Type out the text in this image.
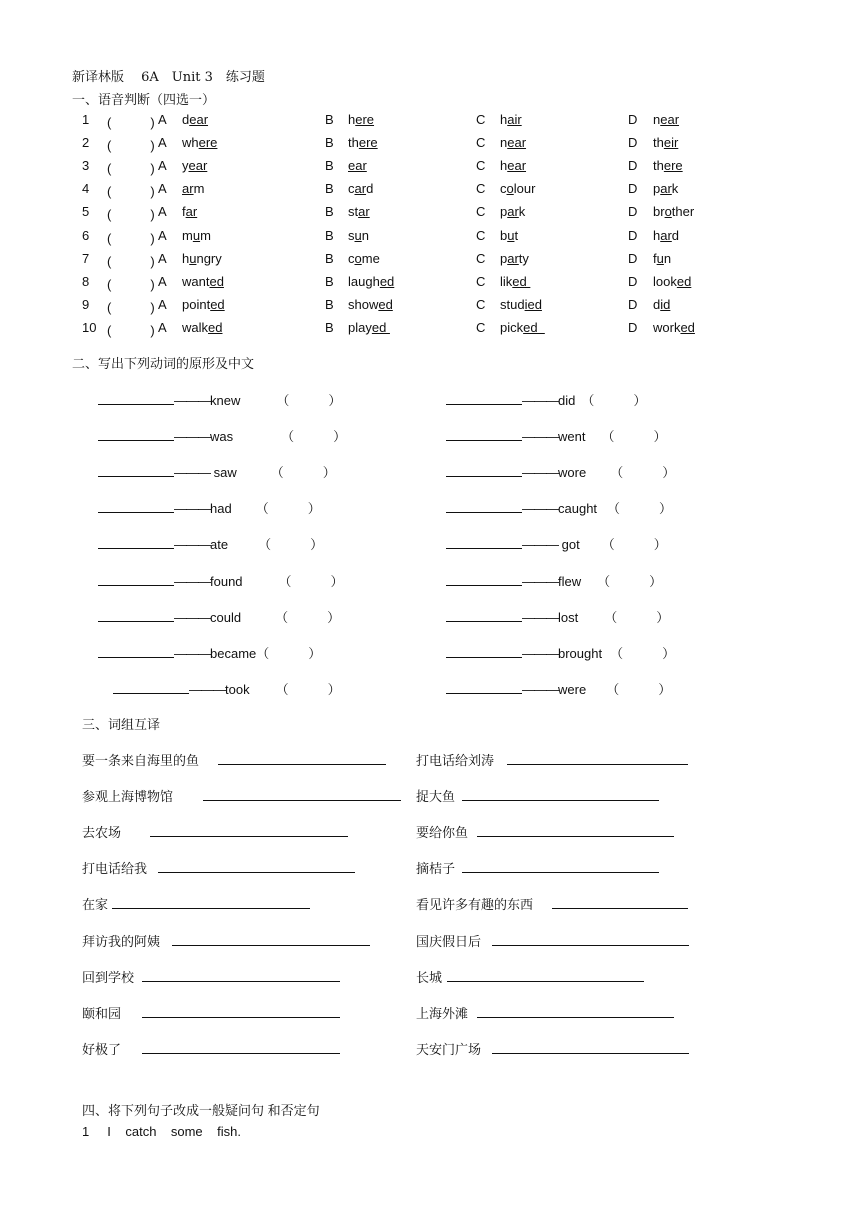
新译林版　 6A　Unit 3　练习题
一、语音判断（四选一）
1 (　　　) A dear	B here	C hair	D near
2 (　　　) A where	B there	C near	D their
3 (　　　) A year	B ear	C hear	D there
4 (　　　) A arm	B card	C colour	D park
5 (　　　) A far	B star	C park	D brother
6 (　　　) A mum	B sun	C but	D hard
7 (　　　) A hungry	B come	C party	D fun
8 (　　　) A wanted	B laughed	C liked	D looked
9 (　　　) A pointed	B showed	C studied	D did
10 (　　　) A walked	B played	C picked	D worked
二、写出下列动词的原形及中文
———knew	（　　　）	———did （　　　）
———was	（　　　）	———went （　　　）
——— saw	（　　　）	———wore （　　　）
———had （　　　）	———caught （　　　）
———ate （　　　）	——— got （　　　）
———found	（　　　）	———flew （　　　）
———could	（　　　）	———lost （　　　）
———became（　　　）	———brought （　　　）
———took （　　　）	———were （　　　）
三、词组互译
要一条来自海里的鱼	打电话给刘涛
参观上海博物馆	捉大鱼
去农场	要给你鱼
打电话给我	摘桔子
在家	看见许多有趣的东西
拜访我的阿姨	国庆假日后
回到学校	长城
颐和园	上海外滩
好极了	天安门广场
四、将下列句子改成一般疑问句 和否定句
1 I    catch    some    fish.
